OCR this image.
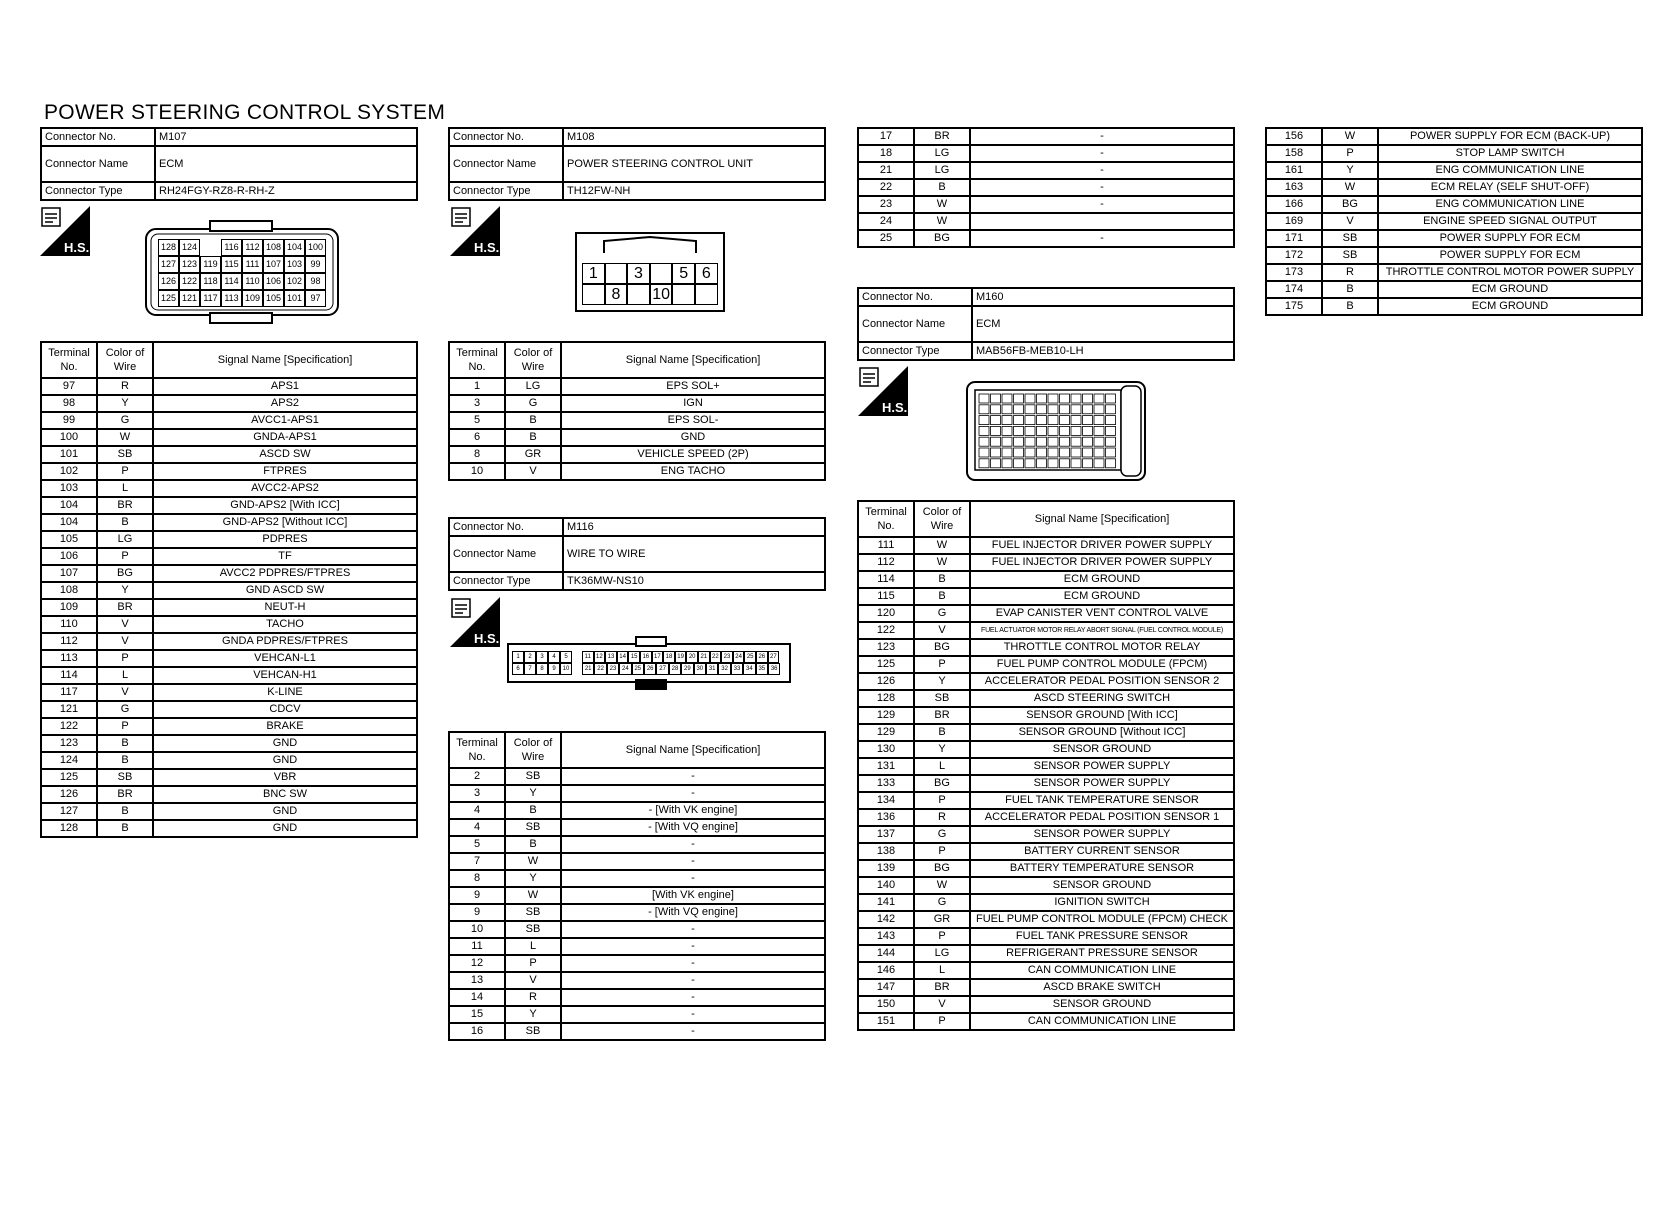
POWER STEERING CONTROL SYSTEM
Connector No.	M107
Connector Name	ECM
Connector Type	RH24FGY-RZ8-R-RH-Z
H.S.	128 124	116 112 108 104 100
127 123 119 115 111 107 103 99
126 122 118 114 110 106 102 98
125 121 117 113 109 105 101 97
Terminal No.	Color of Wire	Signal Name [Specification]
97	R	APS1
98	Y	APS2
99	G	AVCC1-APS1
100	W	GNDA-APS1
101	SB	ASCD SW
102	P	FTPRES
103	L	AVCC2-APS2
104	BR	GND-APS2 [With ICC]
104	B	GND-APS2 [Without ICC]
105	LG	PDPRES
106	P	TF
107	BG	AVCC2 PDPRES/FTPRES
108	Y	GND ASCD SW
109	BR	NEUT-H
110	V	TACHO
112	V	GNDA PDPRES/FTPRES
113	P	VEHCAN-L1
114	L	VEHCAN-H1
117	V	K-LINE
121	G	CDCV
122	P	BRAKE
123	B	GND
124	B	GND
125	SB	VBR
126	BR	BNC SW
127	B	GND
128	B	GND
Connector No.	M108
Connector Name	POWER STEERING CONTROL UNIT
Connector Type	TH12FW-NH
H.S.
1	3	5 6
8	10
Terminal No.	Color of Wire	Signal Name [Specification]
1	LG	EPS SOL+
3	G	IGN
5	B	EPS SOL-
6	B	GND
8	GR	VEHICLE SPEED (2P)
10	V	ENG TACHO
Connector No.	M116
Connector Name	WIRE TO WIRE
Connector Type	TK36MW-NS10
H.S.
1	2	3	4	5
6	7	8	9	10
11 12 13 14 15 16 17 18 19 20 21 22 23 24 25 26 27
21 22 23 24 25 26 27 28 29 30 31 32 33 34 35 36
Terminal No.	Color of Wire	Signal Name [Specification]
2	SB	-
3	Y	-
4	B	- [With VK engine]
4	SB	- [With VQ engine]
5	B	-
7	W	-
8	Y	-
9	W	[With VK engine]
9	SB	- [With VQ engine]
10	SB	-
11	L	-
12	P	-
13	V	-
14	R	-
15	Y	-
16	SB	-
17	BR	-
18	LG	-
21	LG	-
22	B	-
23	W	-
24	W	
25	BG	-
Connector No.	M160
Connector Name	ECM
Connector Type	MAB56FB-MEB10-LH
H.S.
Terminal No.	Color of Wire	Signal Name [Specification]
111	W	FUEL INJECTOR DRIVER POWER SUPPLY
112	W	FUEL INJECTOR DRIVER POWER SUPPLY
114	B	ECM GROUND
115	B	ECM GROUND
120	G	EVAP CANISTER VENT CONTROL VALVE
122	V	FUEL ACTUATOR MOTOR RELAY ABORT SIGNAL (FUEL CONTROL MODULE)
123	BG	THROTTLE CONTROL MOTOR RELAY
125	P	FUEL PUMP CONTROL MODULE (FPCM)
126	Y	ACCELERATOR PEDAL POSITION SENSOR 2
128	SB	ASCD STEERING SWITCH
129	BR	SENSOR GROUND [With ICC]
129	B	SENSOR GROUND [Without ICC]
130	Y	SENSOR GROUND
131	L	SENSOR POWER SUPPLY
133	BG	SENSOR POWER SUPPLY
134	P	FUEL TANK TEMPERATURE SENSOR
136	R	ACCELERATOR PEDAL POSITION SENSOR 1
137	G	SENSOR POWER SUPPLY
138	P	BATTERY CURRENT SENSOR
139	BG	BATTERY TEMPERATURE SENSOR
140	W	SENSOR GROUND
141	G	IGNITION SWITCH
142	GR	FUEL PUMP CONTROL MODULE (FPCM) CHECK
143	P	FUEL TANK PRESSURE SENSOR
144	LG	REFRIGERANT PRESSURE SENSOR
146	L	CAN COMMUNICATION LINE
147	BR	ASCD BRAKE SWITCH
150	V	SENSOR GROUND
151	P	CAN COMMUNICATION LINE
156	W	POWER SUPPLY FOR ECM (BACK-UP)
158	P	STOP LAMP SWITCH
161	Y	ENG COMMUNICATION LINE
163	W	ECM RELAY (SELF SHUT-OFF)
166	BG	ENG COMMUNICATION LINE
169	V	ENGINE SPEED SIGNAL OUTPUT
171	SB	POWER SUPPLY FOR ECM
172	SB	POWER SUPPLY FOR ECM
173	R	THROTTLE CONTROL MOTOR POWER SUPPLY
174	B	ECM GROUND
175	B	ECM GROUND
